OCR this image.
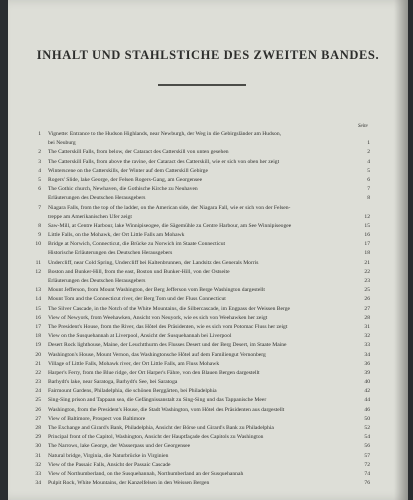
INHALT UND STAHLSTICHE DES ZWEITEN BANDES.
Seite
1 Vignette: Entrance to the Hudson Highlands, near Newburgh, der Weg in die Gebirgsländer am Hudson,
bei Neuburg	1
2 The Catterskill Falls, from below, der Cataract des Catterskill von unten gesehen	2
3 The Catterskill Falls, from above the ravine, der Cataract des Catterskill, wie er sich von oben her zeigt	4
4 Winterscene on the Catterskills, der Winter auf dem Catterskill Gebirge	5
5 Rogers' Slide, lake George, der Felsen Rogers-Gang, am Georgensee	6
6 The Gothic church, Newhaven, die Gothische Kirche zu Neuhaven	7
Erläuterungen des Deutschen Herausgebers	8
7 Niagara Falls, from the top of the ladder, on the American side, der Niagara Fall, wie er sich von der Felsen-
treppe am Amerikanischen Ufer zeigt	12
8 Saw-Mill, at Centre Harbour, lake Winnipiseogee, die Sägemühle zu Centre Harbour, am See Winnipiseogee	15
9 Little Falls, on the Mohawk, der Ort Little Falls am Mohawk	16
10 Bridge at Norwich, Connecticut, die Brücke zu Norwich im Staate Connecticut	17
Historische Erläuterungen des Deutschen Herausgebers	18
11 Undercliff, near Cold Spring, Undercliff bei Kaltenbrunnen, der Landsitz des Generals Morris	21
12 Boston and Bunker-Hill, from the east, Boston und Bunker-Hill, von der Ostseite	22
Erläuterungen des Deutschen Herausgebers	23
13 Mount Jefferson, from Mount Washington, der Berg Jefferson vom Berge Washington dargestellt	25
14 Mount Tom and the Connecticut river, der Berg Tom und der Fluss Connecticut	26
15 The Silver Cascade, in the Notch of the White Mountains, die Silbercascade, im Engpass der Weissen Berge	27
16 View of Newyork, from Weehawken, Ansicht von Neuyork, wie es sich von Weehawken her zeigt	28
17 The President's House, from the River, das Hôtel des Präsidenten, wie es sich vom Potomac Fluss her zeigt	31
18 View on the Susquehannah at Liverpool, Ansicht der Susquehannah bei Liverpool	32
19 Desert Rock lighthouse, Maine, der Leuchtthurm des Flusses Desert und der Berg Desert, im Staate Maine	33
20 Washington's House, Mount Vernon, das Washingtonsche Hôtel auf dem Familiengut Vernonberg	34
21 Village of Little Falls, Mohawk river, der Ort Little Falls, am Fluss Mohawk	36
22 Harper's Ferry, from the Blue ridge, der Ort Harper's Fähre, von den Blauen Bergen dargestellt	39
23 Barhydt's lake, near Saratoga, Barhydt's See, bei Saratoga	40
24 Fairmount Gardens, Philadelphia, die schönen Berggärten, bei Philadelphia	42
25 Sing-Sing prison and Tappaan sea, die Gefängnissanstalt zu Sing-Sing und das Tappanische Meer	44
26 Washington, from the President's House, die Stadt Washington, vom Hôtel des Präsidenten aus dargestellt	46
27 View of Baltimore, Prospect von Baltimore	50
28 The Exchange and Girard's Bank, Philadelphia, Ansicht der Börse und Girard's Bank zu Philadelphia	52
29 Principal front of the Capitol, Washington, Ansicht der Hauptfaçade des Capitols zu Washington	54
30 The Narrows, lake George, der Wasserpass und der Georgensee	56
31 Natural bridge, Virginia, die Naturbrücke in Virginien	57
32 View of the Passaic Falls, Ansicht der Passaic Cascade	72
33 View of Northumberland, on the Susquehannah, Northumberland an der Susquehannah	74
34 Pulpit Rock, White Mountains, der Kanzelfelsen in den Weissen Bergen	76
